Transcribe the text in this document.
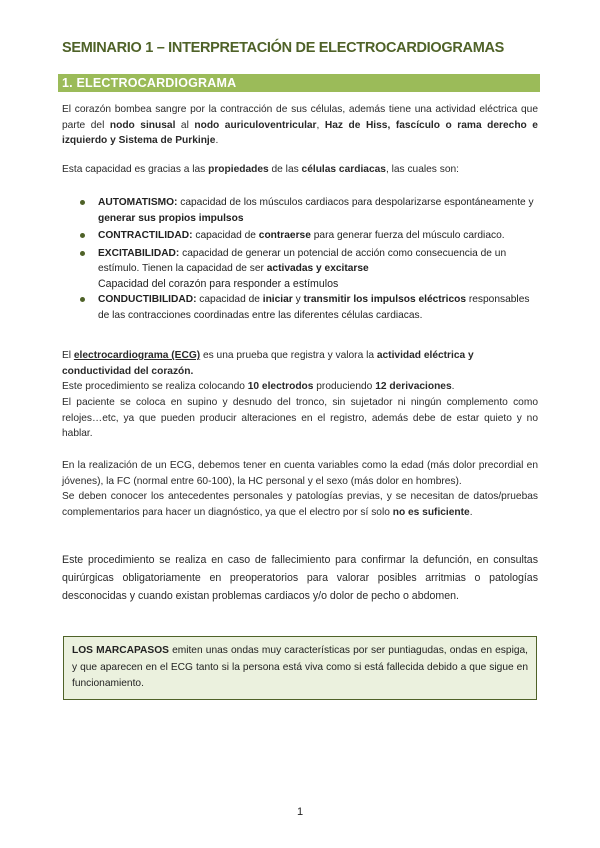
SEMINARIO 1 – INTERPRETACIÓN DE ELECTROCARDIOGRAMAS
1. ELECTROCARDIOGRAMA
El corazón bombea sangre por la contracción de sus células, además tiene una actividad eléctrica que parte del nodo sinusal al nodo auriculoventricular, Haz de Hiss, fascículo o rama derecho e izquierdo y Sistema de Purkinje.
Esta capacidad es gracias a las propiedades de las células cardiacas, las cuales son:
AUTOMATISMO: capacidad de los músculos cardiacos para despolarizarse espontáneamente y generar sus propios impulsos
CONTRACTILIDAD: capacidad de contraerse para generar fuerza del músculo cardiaco.
EXCITABILIDAD: capacidad de generar un potencial de acción como consecuencia de un estímulo. Tienen la capacidad de ser activadas y excitarse
Capacidad del corazón para responder a estímulos
CONDUCTIBILIDAD: capacidad de iniciar y transmitir los impulsos eléctricos responsables de las contracciones coordinadas entre las diferentes células cardiacas.
El electrocardiograma (ECG) es una prueba que registra y valora la actividad eléctrica y conductividad del corazón.
Este procedimiento se realiza colocando 10 electrodos produciendo 12 derivaciones.
El paciente se coloca en supino y desnudo del tronco, sin sujetador ni ningún complemento como relojes…etc, ya que pueden producir alteraciones en el registro, además debe de estar quieto y no hablar.
En la realización de un ECG, debemos tener en cuenta variables como la edad (más dolor precordial en jóvenes), la FC (normal entre 60-100), la HC personal y el sexo (más dolor en hombres).
Se deben conocer los antecedentes personales y patologías previas, y se necesitan de datos/pruebas complementarios para hacer un diagnóstico, ya que el electro por sí solo no es suficiente.
Este procedimiento se realiza en caso de fallecimiento para confirmar la defunción, en consultas quirúrgicas obligatoriamente en preoperatorios para valorar posibles arritmias o patologías desconocidas y cuando existan problemas cardiacos y/o dolor de pecho o abdomen.
LOS MARCAPASOS emiten unas ondas muy características por ser puntiagudas, ondas en espiga, y que aparecen en el ECG tanto si la persona está viva como si está fallecida debido a que sigue en funcionamiento.
1
